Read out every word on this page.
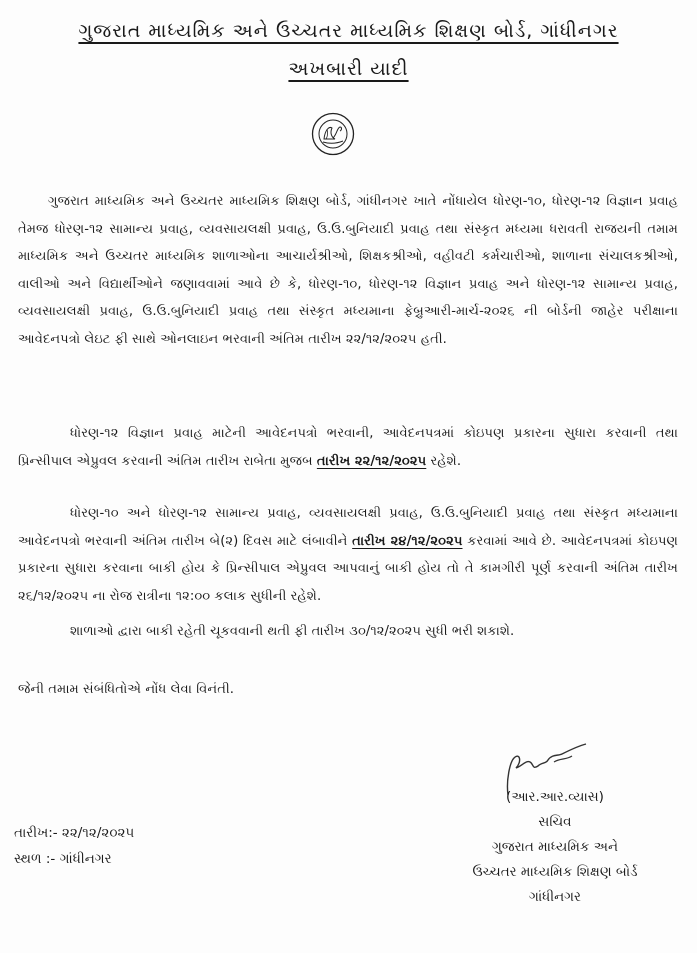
ગુજરાત માધ્યમિક અને ઉચ્ચતર માધ્યમિક શિક્ષણ બોર્ડ, ગાંધીનગર
અખબારી યાદી

ગુજરાત માધ્યમિક અને ઉચ્ચતર માધ્યમિક શિક્ષણ બોર્ડ, ગાંધીનગર ખાતે નોંધાયેલ ધોરણ-૧૦, ધોરણ-૧૨ વિજ્ઞાન પ્રવાહ તેમજ ધોરણ-૧૨ સામાન્ય પ્રવાહ, વ્યવસાયલક્ષી પ્રવાહ, ઉ.ઉ.બુનિયાદી પ્રવાહ તથા સંસ્કૃત મધ્યમા ધરાવતી રાજયની તમામ માધ્યમિક અને ઉચ્ચતર માધ્યમિક શાળાઓના આચાર્યશ્રીઓ, શિક્ષકશ્રીઓ, વહીવટી કર્મચારીઓ, શાળાના સંચાલકશ્રીઓ, વાલીઓ અને વિદ્યાર્થીઓને જણાવવામાં આવે છે કે, ધોરણ-૧૦, ધોરણ-૧૨ વિજ્ઞાન પ્રવાહ અને ધોરણ-૧૨ સામાન્ય પ્રવાહ, વ્યવસાયલક્ષી પ્રવાહ, ઉ.ઉ.બુનિયાદી પ્રવાહ તથા સંસ્કૃત મધ્યમાના ફેબ્રુઆરી-માર્ચ-૨૦૨૬ ની બોર્ડની જાહેર પરીક્ષાના આવેદનપત્રો લેઇટ ફી સાથે ઓનલાઇન ભરવાની અંતિમ તારીખ ૨૨/૧૨/૨૦૨૫ હતી.

ધોરણ-૧૨ વિજ્ઞાન પ્રવાહ માટેની આવેદનપત્રો ભરવાની, આવેદનપત્રમાં કોઇપણ પ્રકારના સુધારા કરવાની તથા પ્રિન્સીપાલ એપ્રુવલ કરવાની અંતિમ તારીખ રાબેતા મુજબ તારીખ ૨૨/૧૨/૨૦૨૫ રહેશે.

ધોરણ-૧૦ અને ધોરણ-૧૨ સામાન્ય પ્રવાહ, વ્યવસાયલક્ષી પ્રવાહ, ઉ.ઉ.બુનિયાદી પ્રવાહ તથા સંસ્કૃત મધ્યમાના આવેદનપત્રો ભરવાની અંતિમ તારીખ બે(૨) દિવસ માટે લંબાવીને તારીખ ૨૪/૧૨/૨૦૨૫ કરવામાં આવે છે. આવેદનપત્રમાં કોઇપણ પ્રકારના સુધારા કરવાના બાકી હોય કે પ્રિન્સીપાલ એપ્રુવલ આપવાનું બાકી હોય તો તે કામગીરી પૂર્ણ કરવાની અંતિમ તારીખ ૨૬/૧૨/૨૦૨૫ ના રોજ રાત્રીના ૧૨:૦૦ કલાક સુધીની રહેશે.

શાળાઓ દ્વારા બાકી રહેતી ચૂકવવાની થતી ફી તારીખ ૩૦/૧૨/૨૦૨૫ સુધી ભરી શકાશે.

જેની તમામ સંબંધિતોએ નોંધ લેવા વિનંતી.

(આર.આર.વ્યાસ)
સચિવ
ગુજરાત માધ્યમિક અને
ઉચ્ચતર માધ્યમિક શિક્ષણ બોર્ડ
ગાંધીનગર
તારીખ:- ૨૨/૧૨/૨૦૨૫
સ્થળ :- ગાંધીનગર
